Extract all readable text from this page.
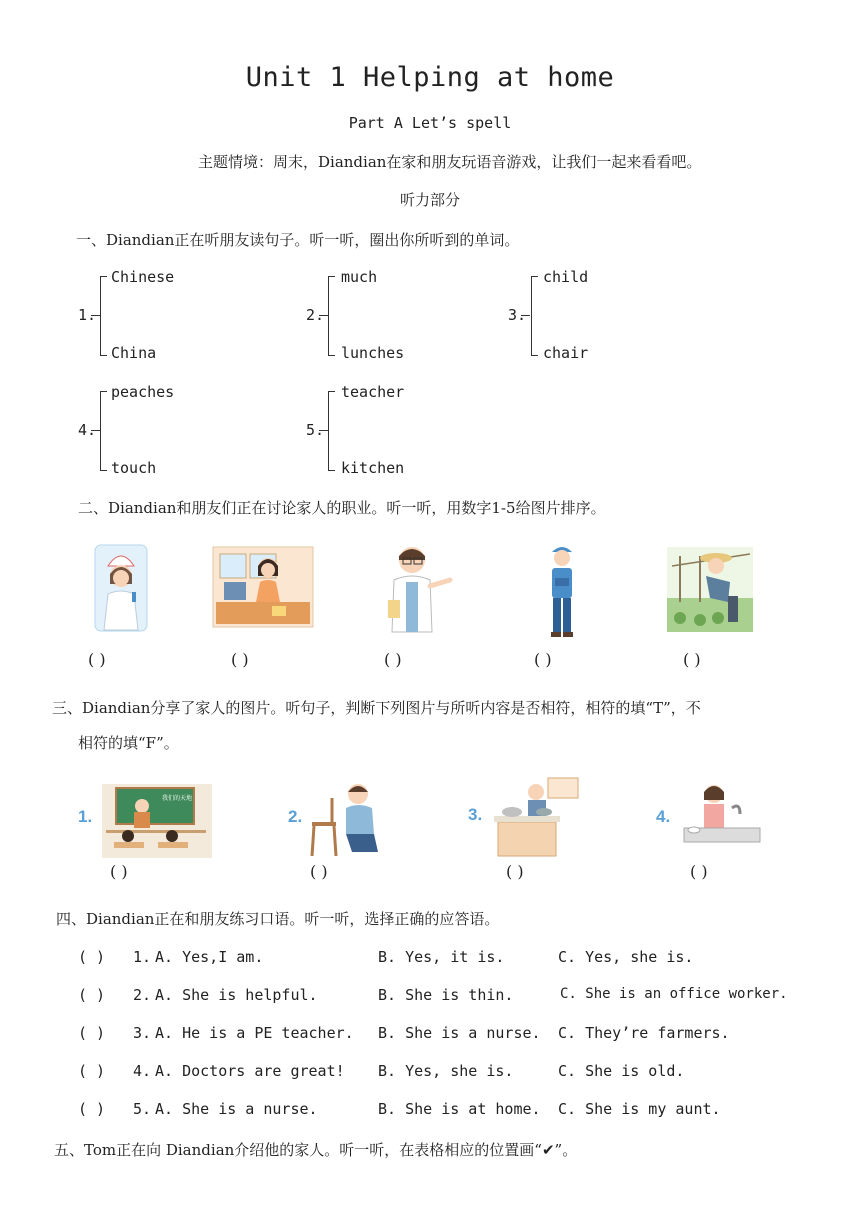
Unit 1 Helping at home
Part A Let’s spell
主题情境：周末，Diandian在家和朋友玩语音游戏，让我们一起来看看吧。
听力部分
一、Diandian正在听朋友读句子。听一听，圈出你所听到的单词。
1.
Chinese
China
2.
much
lunches
3.
child
chair
4.
peaches
touch
5.
teacher
kitchen
二、Diandian和朋友们正在讨论家人的职业。听一听，用数字1-5给图片排序。
( )	( )	( )	( )	( )
三、Diandian分享了家人的图片。听句子，判断下列图片与所听内容是否相符，相符的填“T”，不
相符的填“F”。
1.
我们的天地
2.	3.	4.
( )	( )	( )	( )
四、Diandian正在和朋友练习口语。听一听，选择正确的应答语。
( ) 1. A. Yes,I am.	B. Yes, it is.	C. Yes, she is.
( ) 2. A. She is helpful.	B. She is thin.	C. She is an office worker.
( ) 3. A. He is a PE teacher. B. She is a nurse. C. They’re farmers.
( ) 4. A. Doctors are great! B. Yes, she is.	C. She is old.
( ) 5. A. She is a nurse.	B. She is at home. C. She is my aunt.
五、Tom正在向 Diandian介绍他的家人。听一听，在表格相应的位置画“✔”。
